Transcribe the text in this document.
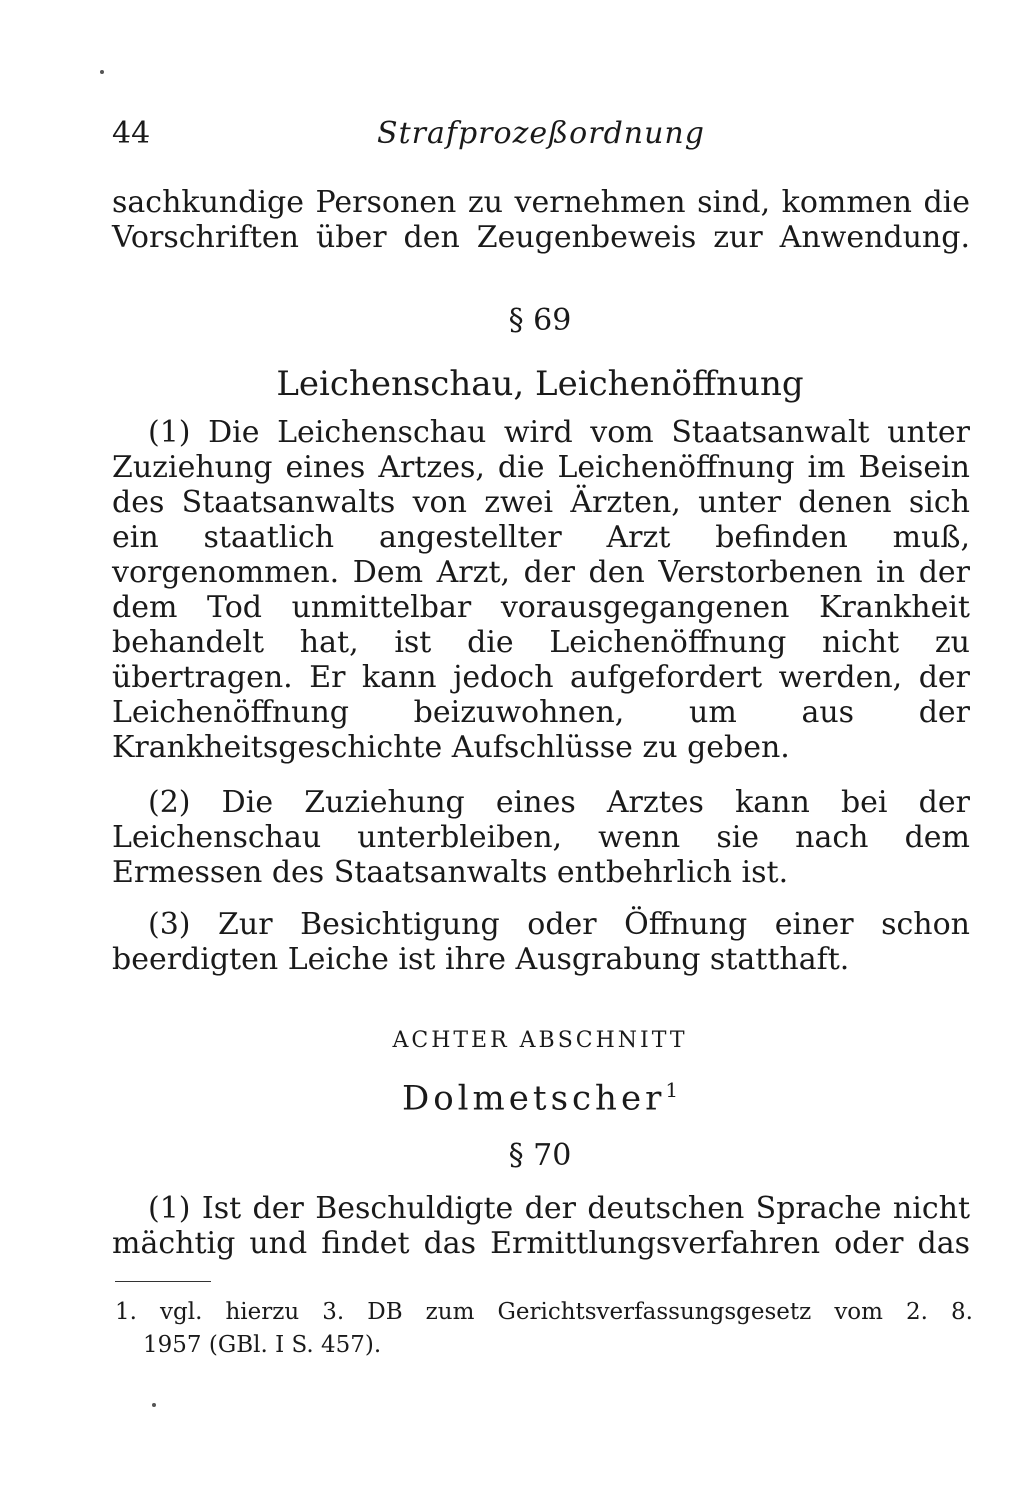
44	Strafprozeßordnung

sachkundige Personen zu vernehmen sind, kommen die Vorschriften über den Zeugenbeweis zur Anwendung.

§ 69
Leichenschau, Leichenöffnung

(1) Die Leichenschau wird vom Staatsanwalt unter Zuziehung eines Artzes, die Leichenöffnung im Beisein des Staatsanwalts von zwei Ärzten, unter denen sich ein staatlich angestellter Arzt befinden muß, vorgenommen. Dem Arzt, der den Verstorbenen in der dem Tod unmittelbar vorausgegangenen Krankheit behandelt hat, ist die Leichenöffnung nicht zu übertragen. Er kann jedoch aufgefordert werden, der Leichenöffnung beizuwohnen, um aus der Krankheitsgeschichte Aufschlüsse zu geben.

(2) Die Zuziehung eines Arztes kann bei der Leichenschau unterbleiben, wenn sie nach dem Ermessen des Staatsanwalts entbehrlich ist.

(3) Zur Besichtigung oder Öffnung einer schon beerdigten Leiche ist ihre Ausgrabung statthaft.

ACHTER ABSCHNITT
Dolmetscher$^1$
§ 70

(1) Ist der Beschuldigte der deutschen Sprache nicht mächtig und findet das Ermittlungsverfahren oder das

1. vgl. hierzu 3. DB zum Gerichtsverfassungsgesetz vom 2. 8.
1957 (GBl. I S. 457).
